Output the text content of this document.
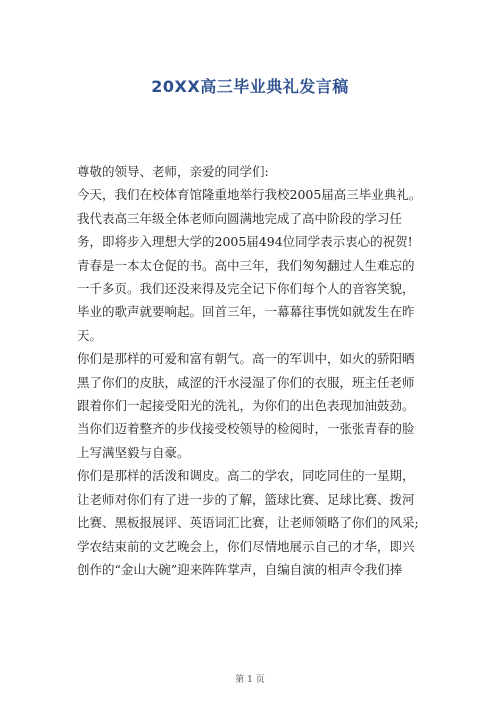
20XX高三毕业典礼发言稿

尊敬的领导、老师，亲爱的同学们:

今天，我们在校体育馆隆重地举行我校2005届高三毕业典礼。我代表高三年级全体老师向圆满地完成了高中阶段的学习任务，即将步入理想大学的2005届494位同学表示衷心的祝贺!

青春是一本太仓促的书。高中三年，我们匆匆翻过人生难忘的一千多页。我们还没来得及完全记下你们每个人的音容笑貌，毕业的歌声就要响起。回首三年，一幕幕往事恍如就发生在昨天。

你们是那样的可爱和富有朝气。高一的军训中，如火的骄阳晒黑了你们的皮肤，咸涩的汗水浸湿了你们的衣服，班主任老师跟着你们一起接受阳光的洗礼，为你们的出色表现加油鼓劲。当你们迈着整齐的步伐接受校领导的检阅时，一张张青春的脸上写满坚毅与自豪。

你们是那样的活泼和调皮。高二的学农，同吃同住的一星期，让老师对你们有了进一步的了解，篮球比赛、足球比赛、拨河比赛、黑板报展评、英语词汇比赛，让老师领略了你们的风采;学农结束前的文艺晚会上，你们尽情地展示自己的才华，即兴创作的“金山大碗”迎来阵阵掌声，自编自演的相声令我们捧

第 1 页
